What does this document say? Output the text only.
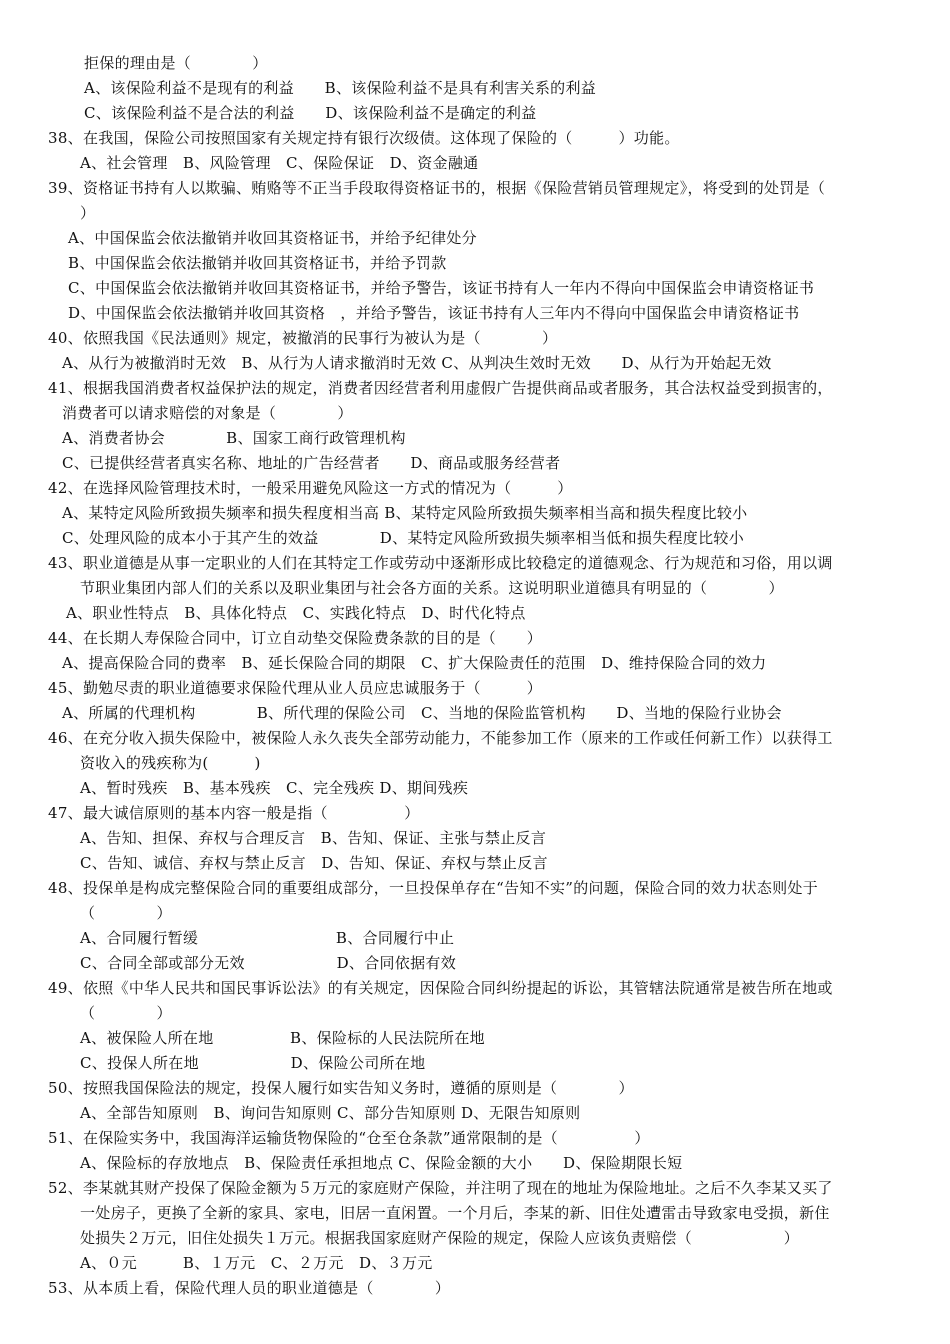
拒保的理由是（　　　　）
A、该保险利益不是现有的利益　　B、该保险利益不是具有利害关系的利益
C、该保险利益不是合法的利益　　D、该保险利益不是确定的利益
38、在我国，保险公司按照国家有关规定持有银行次级债。这体现了保险的（　　　）功能。
A、社会管理　B、风险管理　C、保险保证　D、资金融通
39、资格证书持有人以欺骗、贿赂等不正当手段取得资格证书的，根据《保险营销员管理规定》，将受到的处罚是（
）
A、中国保监会依法撤销并收回其资格证书，并给予纪律处分
B、中国保监会依法撤销并收回其资格证书，并给予罚款
C、中国保监会依法撤销并收回其资格证书，并给予警告，该证书持有人一年内不得向中国保监会申请资格证书
D、中国保监会依法撤销并收回其资格　，并给予警告，该证书持有人三年内不得向中国保监会申请资格证书
40、依照我国《民法通则》规定，被撤消的民事行为被认为是（　　　　）
A、从行为被撤消时无效　B、从行为人请求撤消时无效 C、从判决生效时无效　　D、从行为开始起无效
41、根据我国消费者权益保护法的规定，消费者因经营者利用虚假广告提供商品或者服务，其合法权益受到损害的，
消费者可以请求赔偿的对象是（　　　　）
A、消费者协会　　　　B、国家工商行政管理机构
C、已提供经营者真实名称、地址的广告经营者　　D、商品或服务经营者
42、在选择风险管理技术时，一般采用避免风险这一方式的情况为（　　　）
A、某特定风险所致损失频率和损失程度相当高 B、某特定风险所致损失频率相当高和损失程度比较小
C、处理风险的成本小于其产生的效益　　　　D、某特定风险所致损失频率相当低和损失程度比较小
43、职业道德是从事一定职业的人们在其特定工作或劳动中逐渐形成比较稳定的道德观念、行为规范和习俗，用以调
节职业集团内部人们的关系以及职业集团与社会各方面的关系。这说明职业道德具有明显的（　　　　）
A、职业性特点　B、具体化特点　C、实践化特点　D、时代化特点
44、在长期人寿保险合同中，订立自动垫交保险费条款的目的是（　　）
A、提高保险合同的费率　B、延长保险合同的期限　C、扩大保险责任的范围　D、维持保险合同的效力
45、勤勉尽责的职业道德要求保险代理从业人员应忠诚服务于（　　　）
A、所属的代理机构　　　　B、所代理的保险公司　C、当地的保险监管机构　　D、当地的保险行业协会
46、在充分收入损失保险中，被保险人永久丧失全部劳动能力，不能参加工作（原来的工作或任何新工作）以获得工
资收入的残疾称为(　　　)
A、暂时残疾　B、基本残疾　C、完全残疾 D、期间残疾
47、最大诚信原则的基本内容一般是指（　　　　　）
A、告知、担保、弃权与合理反言　B、告知、保证、主张与禁止反言
C、告知、诚信、弃权与禁止反言　D、告知、保证、弃权与禁止反言
48、投保单是构成完整保险合同的重要组成部分，一旦投保单存在“告知不实”的问题，保险合同的效力状态则处于
（　　　　）
A、合同履行暂缓　　　　　　　　　B、合同履行中止
C、合同全部或部分无效　　　　　　D、合同依据有效
49、依照《中华人民共和国民事诉讼法》的有关规定，因保险合同纠纷提起的诉讼，其管辖法院通常是被告所在地或
（　　　　）
A、被保险人所在地　　　　　B、保险标的人民法院所在地
C、投保人所在地　　　　　　D、保险公司所在地
50、按照我国保险法的规定，投保人履行如实告知义务时，遵循的原则是（　　　　）
A、全部告知原则　B、询问告知原则 C、部分告知原则 D、无限告知原则
51、在保险实务中，我国海洋运输货物保险的“仓至仓条款”通常限制的是（　　　　　）
A、保险标的存放地点　B、保险责任承担地点 C、保险金额的大小　　D、保险期限长短
52、李某就其财产投保了保险金额为５万元的家庭财产保险，并注明了现在的地址为保险地址。之后不久李某又买了
一处房子，更换了全新的家具、家电，旧居一直闲置。一个月后，李某的新、旧住处遭雷击导致家电受损，新住
处损失２万元，旧住处损失１万元。根据我国家庭财产保险的规定，保险人应该负责赔偿（　　　　　　）
A、０元　　　B、１万元　C、２万元　D、３万元
53、从本质上看，保险代理人员的职业道德是（　　　　）
